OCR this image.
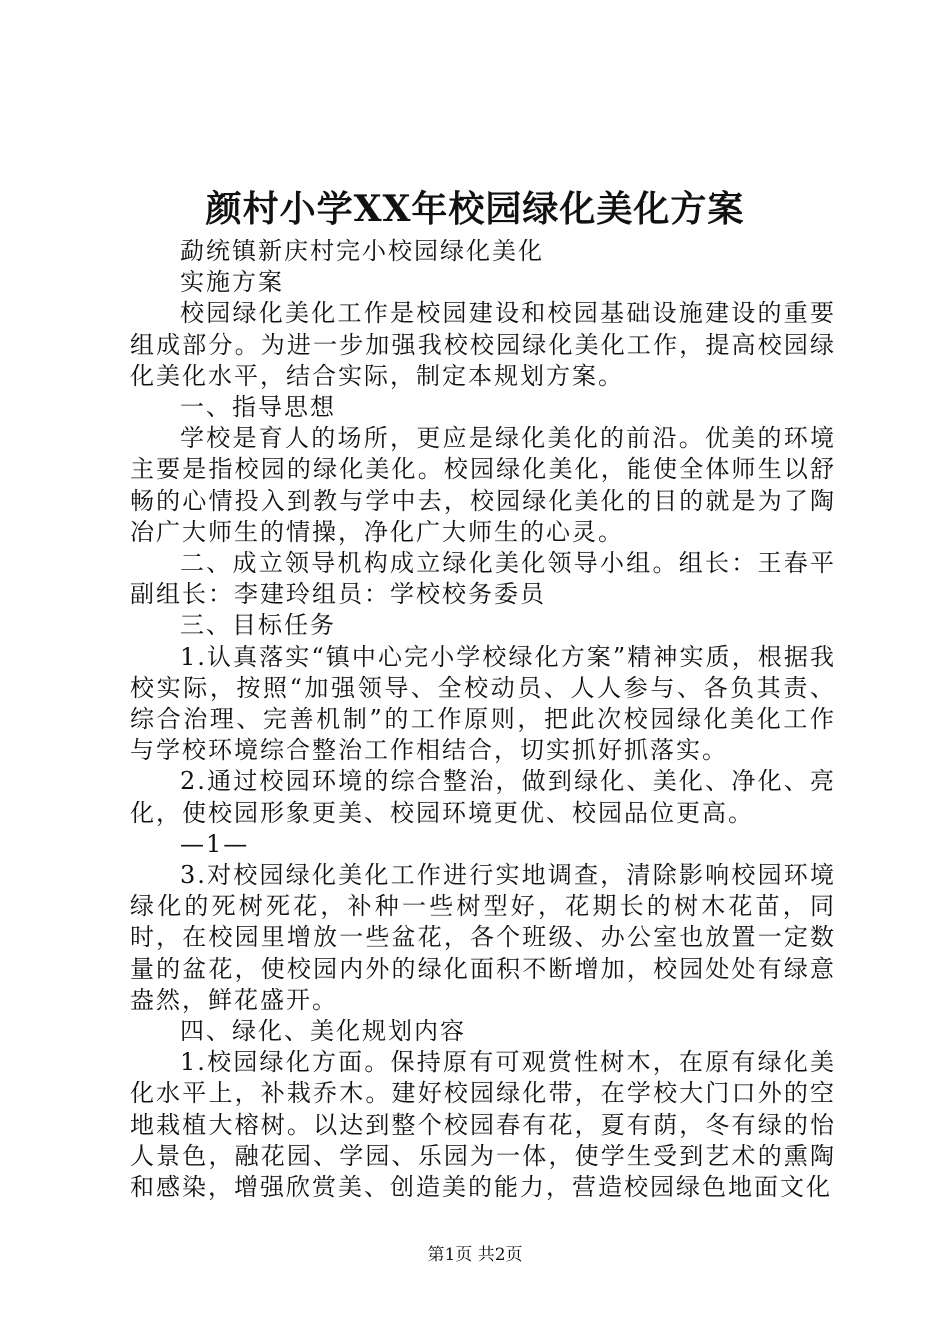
颜村小学XX年校园绿化美化方案

勐统镇新庆村完小校园绿化美化

实施方案

校园绿化美化工作是校园建设和校园基础设施建设的重要组成部分。为进一步加强我校校园绿化美化工作，提高校园绿化美化水平，结合实际，制定本规划方案。

一、指导思想

学校是育人的场所，更应是绿化美化的前沿。优美的环境主要是指校园的绿化美化。校园绿化美化，能使全体师生以舒畅的心情投入到教与学中去，校园绿化美化的目的就是为了陶冶广大师生的情操，净化广大师生的心灵。

二、成立领导机构成立绿化美化领导小组。组长：王春平副组长：李建玲组员：学校校务委员

三、目标任务

1.认真落实“镇中心完小学校绿化方案”精神实质，根据我校实际，按照“加强领导、全校动员、人人参与、各负其责、综合治理、完善机制”的工作原则，把此次校园绿化美化工作与学校环境综合整治工作相结合，切实抓好抓落实。

2.通过校园环境的综合整治，做到绿化、美化、净化、亮化，使校园形象更美、校园环境更优、校园品位更高。

—1—

3.对校园绿化美化工作进行实地调查，清除影响校园环境绿化的死树死花，补种一些树型好，花期长的树木花苗，同时，在校园里增放一些盆花，各个班级、办公室也放置一定数量的盆花，使校园内外的绿化面积不断增加，校园处处有绿意盎然，鲜花盛开。

四、绿化、美化规划内容

1.校园绿化方面。保持原有可观赏性树木，在原有绿化美化水平上，补栽乔木。建好校园绿化带，在学校大门口外的空地栽植大榕树。以达到整个校园春有花，夏有荫，冬有绿的怡人景色，融花园、学园、乐园为一体，使学生受到艺术的熏陶和感染，增强欣赏美、创造美的能力，营造校园绿色地面文化

第1页 共2页
